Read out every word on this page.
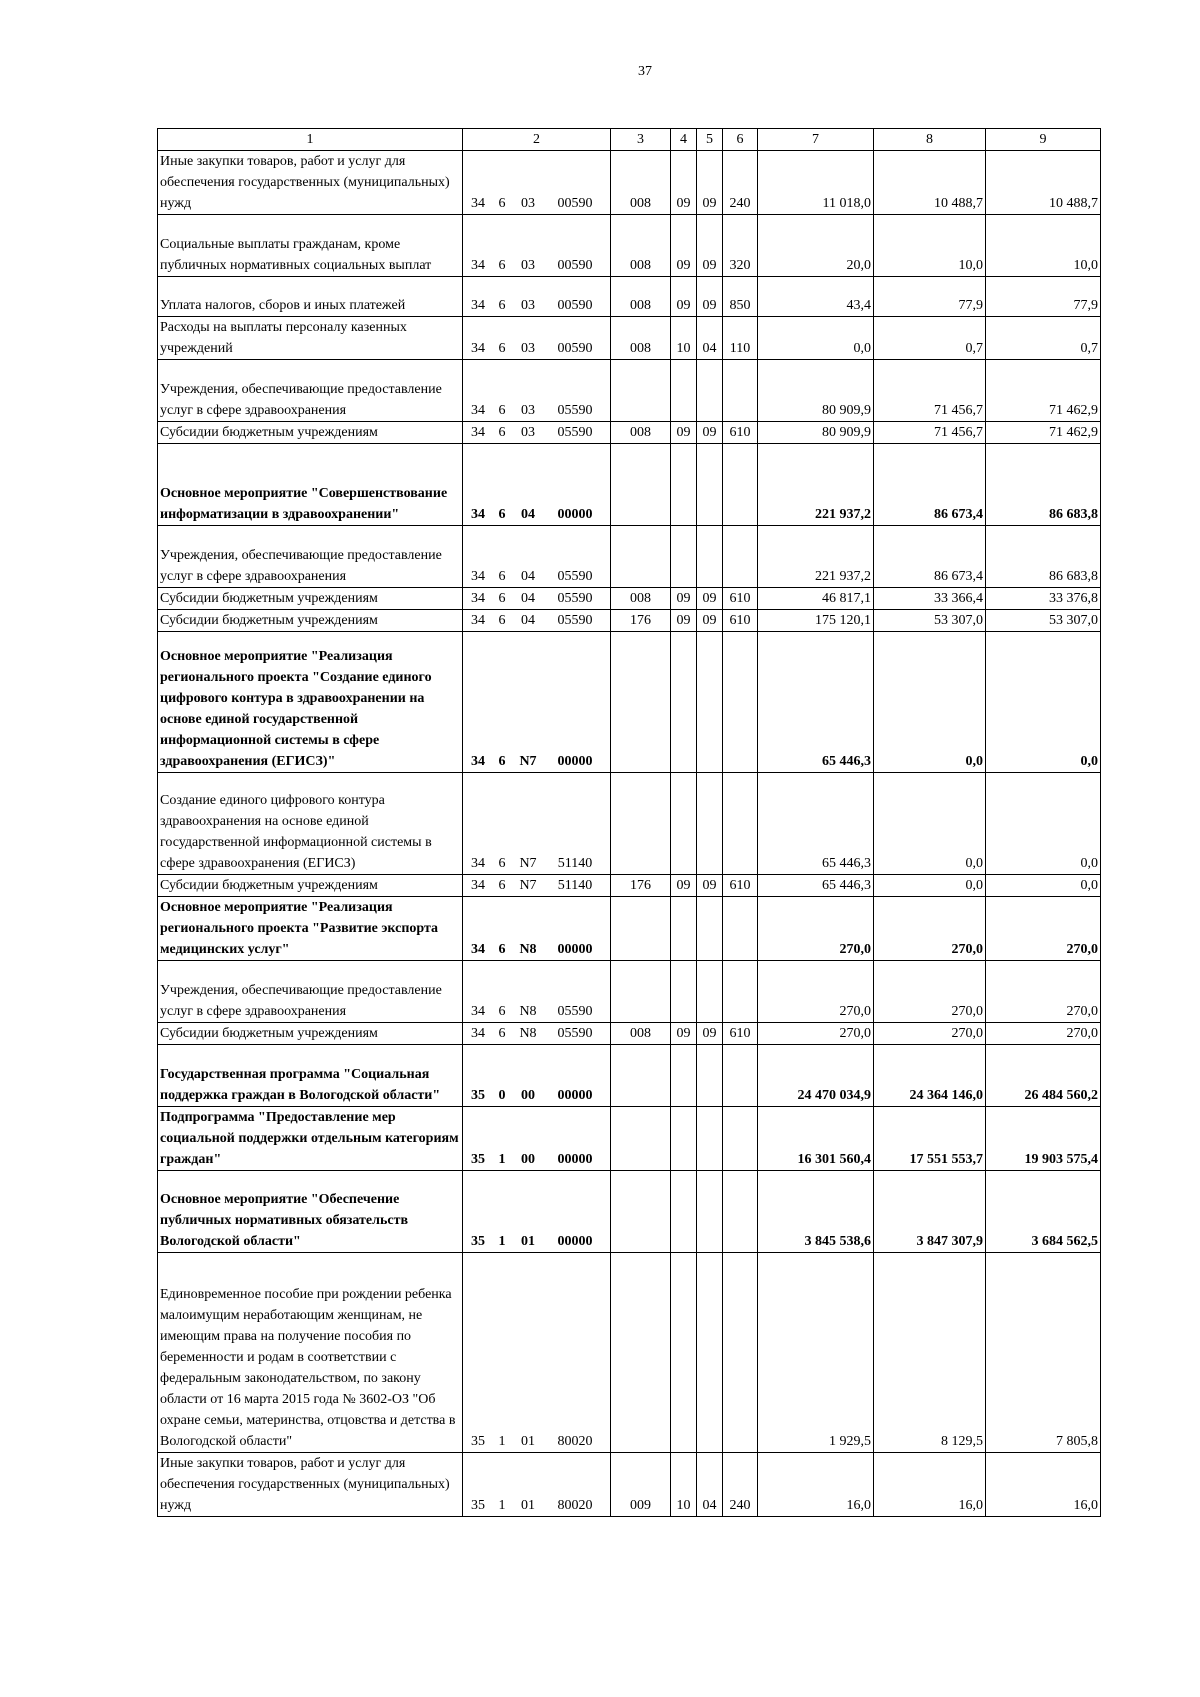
37
1	2	3	4	5	6	7	8	9
Иные закупки товаров, работ и услуг для обеспечения государственных (муниципальных) нужд	34 6 03 00590	008	09	09	240	11 018,0	10 488,7	10 488,7
Социальные выплаты гражданам, кроме публичных нормативных социальных выплат	34 6 03 00590	008	09	09	320	20,0	10,0	10,0
Уплата налогов, сборов и иных платежей	34 6 03 00590	008	09	09	850	43,4	77,9	77,9
Расходы на выплаты персоналу казенных учреждений	34 6 03 00590	008	10	04	110	0,0	0,7	0,7
Учреждения, обеспечивающие предоставление услуг в сфере здравоохранения	34 6 03 05590					80 909,9	71 456,7	71 462,9
Субсидии бюджетным учреждениям	34 6 03 05590	008	09	09	610	80 909,9	71 456,7	71 462,9
Основное мероприятие "Совершенствование информатизации в здравоохранении"	34 6 04 00000					221 937,2	86 673,4	86 683,8
Учреждения, обеспечивающие предоставление услуг в сфере здравоохранения	34 6 04 05590					221 937,2	86 673,4	86 683,8
Субсидии бюджетным учреждениям	34 6 04 05590	008	09	09	610	46 817,1	33 366,4	33 376,8
Субсидии бюджетным учреждениям	34 6 04 05590	176	09	09	610	175 120,1	53 307,0	53 307,0
Основное мероприятие "Реализация регионального проекта "Создание единого цифрового контура в здравоохранении на основе единой государственной информационной системы в сфере здравоохранения (ЕГИСЗ)"	34 6 N7 00000					65 446,3	0,0	0,0
Создание единого цифрового контура здравоохранения на основе единой государственной информационной системы в сфере здравоохранения (ЕГИСЗ)	34 6 N7 51140					65 446,3	0,0	0,0
Субсидии бюджетным учреждениям	34 6 N7 51140	176	09	09	610	65 446,3	0,0	0,0
Основное мероприятие "Реализация регионального проекта "Развитие экспорта медицинских услуг"	34 6 N8 00000					270,0	270,0	270,0
Учреждения, обеспечивающие предоставление услуг в сфере здравоохранения	34 6 N8 05590					270,0	270,0	270,0
Субсидии бюджетным учреждениям	34 6 N8 05590	008	09	09	610	270,0	270,0	270,0
Государственная программа "Социальная поддержка граждан в Вологодской области"	35 0 00 00000					24 470 034,9	24 364 146,0	26 484 560,2
Подпрограмма "Предоставление мер социальной поддержки отдельным категориям граждан"	35 1 00 00000					16 301 560,4	17 551 553,7	19 903 575,4
Основное мероприятие "Обеспечение публичных нормативных обязательств Вологодской области"	35 1 01 00000					3 845 538,6	3 847 307,9	3 684 562,5
Единовременное пособие при рождении ребенка малоимущим неработающим женщинам, не имеющим права на получение пособия по беременности и родам в соответствии с федеральным законодательством, по закону области от 16 марта 2015 года № 3602-ОЗ "Об охране семьи, материнства, отцовства и детства в Вологодской области"	35 1 01 80020					1 929,5	8 129,5	7 805,8
Иные закупки товаров, работ и услуг для обеспечения государственных (муниципальных) нужд	35 1 01 80020	009	10	04	240	16,0	16,0	16,0
